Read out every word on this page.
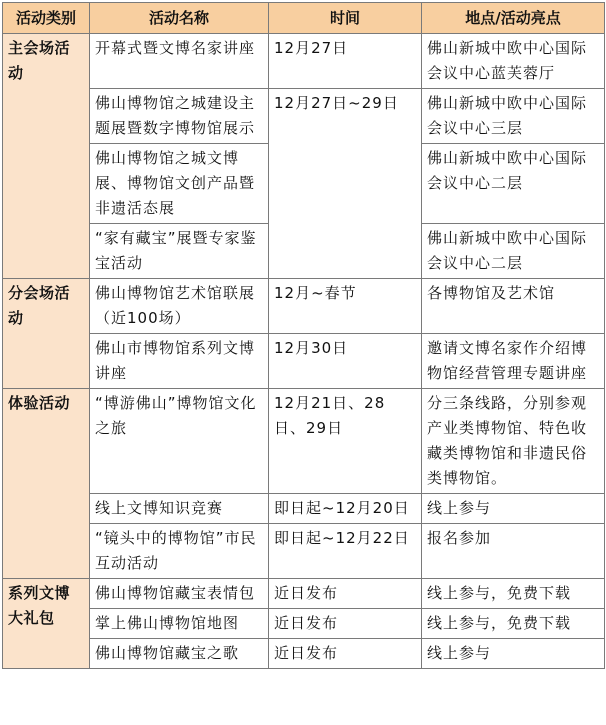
活动类别	活动名称	时间	地点/活动亮点
主会场活动	开幕式暨文博名家讲座	12月27日	佛山新城中欧中心国际会议中心蓝芙蓉厅
	佛山博物馆之城建设主题展暨数字博物馆展示	12月27日~29日	佛山新城中欧中心国际会议中心三层
	佛山博物馆之城文博展、博物馆文创产品暨非遗活态展		佛山新城中欧中心国际会议中心二层
	“家有藏宝”展暨专家鉴宝活动		佛山新城中欧中心国际会议中心二层
分会场活动	佛山博物馆艺术馆联展（近100场）	12月~春节	各博物馆及艺术馆
	佛山市博物馆系列文博讲座	12月30日	邀请文博名家作介绍博物馆经营管理专题讲座
体验活动	“博游佛山”博物馆文化之旅	12月21日、28日、29日	分三条线路，分别参观产业类博物馆、特色收藏类博物馆和非遗民俗类博物馆。
	线上文博知识竞赛	即日起~12月20日	线上参与
	“镜头中的博物馆”市民互动活动	即日起~12月22日	报名参加
系列文博大礼包	佛山博物馆藏宝表情包	近日发布	线上参与，免费下载
	掌上佛山博物馆地图	近日发布	线上参与，免费下载
	佛山博物馆藏宝之歌	近日发布	线上参与
